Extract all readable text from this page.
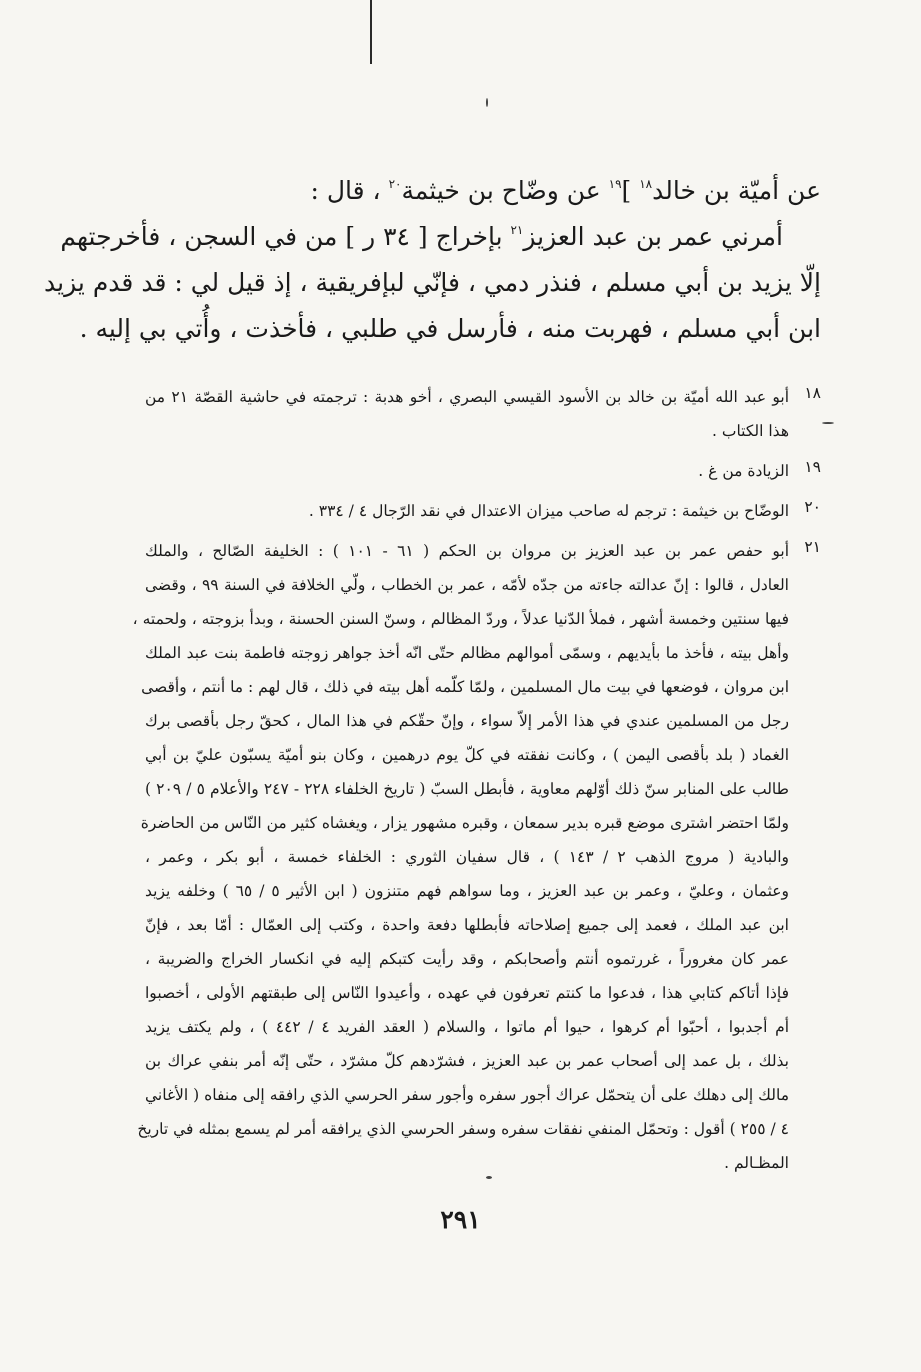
عن أميّة بن خالد$^{١٨}$ ]$^{١٩}$ عن وضّاح بن خيثمة$^{٢٠}$ ، قال :
أمرني عمر بن عبد العزيز$^{٢١}$ بإخراج [ ٣٤ ر ] من في السجن ، فأخرجتهم
إلّا يزيد بن أبي مسلم ، فنذر دمي ، فإنّي لبإفريقية ، إذ قيل لي : قد قدم يزيد
ابن أبي مسلم ، فهربت منه ، فأرسل في طلبي ، فأخذت ، وأُتي بي إليه .
١٨
أبو عبد الله أميّة بن خالد بن الأسود القيسي البصري ، أخو هدبة : ترجمته في حاشية القصّة ٢١ من
هذا الكتاب .
١٩
الزيادة من غ .
٢٠
الوضّاح بن خيثمة : ترجم له صاحب ميزان الاعتدال في نقد الرّجال ٤ / ٣٣٤ .
٢١
أبو حفص عمر بن عبد العزيز بن مروان بن الحكم ( ٦١ - ١٠١ ) : الخليفة الصّالح ، والملك
العادل ، قالوا : إنّ عدالته جاءته من جدّه لأمّه ، عمر بن الخطاب ، ولّي الخلافة في السنة ٩٩ ، وقضى
فيها سنتين وخمسة أشهر ، فملأ الدّنيا عدلاً ، وردّ المظالم ، وسنّ السنن الحسنة ، وبدأ بزوجته ، ولحمته ،
وأهل بيته ، فأخذ ما بأيديهم ، وسمّى أموالهم مظالم حتّى انّه أخذ جواهر زوجته فاطمة بنت عبد الملك
ابن مروان ، فوضعها في بيت مال المسلمين ، ولمّا كلّمه أهل بيته في ذلك ، قال لهم : ما أنتم ، وأقصى
رجل من المسلمين عندي في هذا الأمر إلاّ سواء ، وإنّ حقّكم في هذا المال ، كحقّ رجل بأقصى برك
الغماد ( بلد بأقصى اليمن ) ، وكانت نفقته في كلّ يوم درهمين ، وكان بنو أميّة يسبّون عليّ بن أبي
طالب على المنابر سنّ ذلك أوّلهم معاوية ، فأبطل السبّ ( تاريخ الخلفاء ٢٢٨ - ٢٤٧ والأعلام ٥ / ٢٠٩ )
ولمّا احتضر اشترى موضع قبره بدير سمعان ، وقبره مشهور يزار ، ويغشاه كثير من النّاس من الحاضرة
والبادية ( مروج الذهب ٢ / ١٤٣ ) ، قال سفيان الثوري : الخلفاء خمسة ، أبو بكر ، وعمر ،
وعثمان ، وعليّ ، وعمر بن عبد العزيز ، وما سواهم فهم متنزون ( ابن الأثير ٥ / ٦٥ ) وخلفه يزيد
ابن عبد الملك ، فعمد إلى جميع إصلاحاته فأبطلها دفعة واحدة ، وكتب إلى العمّال : أمّا بعد ، فإنّ
عمر كان مغروراً ، غررتموه أنتم وأصحابكم ، وقد رأيت كتبكم إليه في انكسار الخراج والضريبة ،
فإذا أتاكم كتابي هذا ، فدعوا ما كنتم تعرفون في عهده ، وأعيدوا النّاس إلى طبقتهم الأولى ، أخصبوا
أم أجدبوا ، أحبّوا أم كرهوا ، حيوا أم ماتوا ، والسلام ( العقد الفريد ٤ / ٤٤٢ ) ، ولم يكتف يزيد
بذلك ، بل عمد إلى أصحاب عمر بن عبد العزيز ، فشرّدهم كلّ مشرّد ، حتّى إنّه أمر بنفي عراك بن
مالك إلى دهلك على أن يتحمّل عراك أجور سفره وأجور سفر الحرسي الذي رافقه إلى منفاه ( الأغاني
٤ / ٢٥٥ ) أقول : وتحمّل المنفي نفقات سفره وسفر الحرسي الذي يرافقه أمر لم يسمع بمثله في تاريخ
المظـالم .
٢٩١
